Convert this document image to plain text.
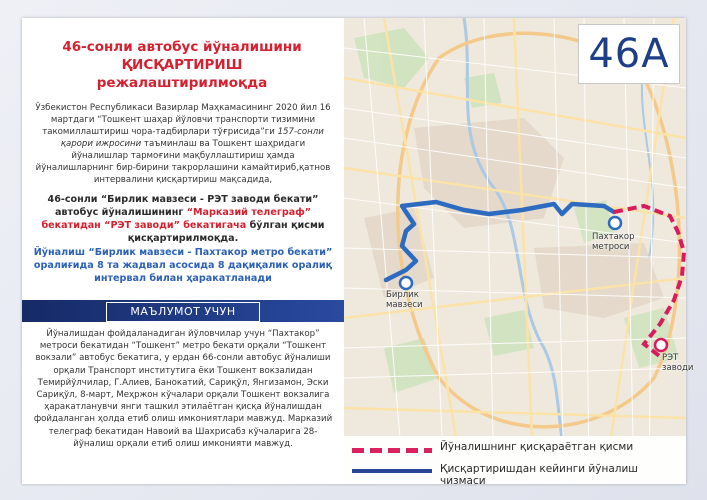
46-сонли автобус йўналишини
ҚИСҚАРТИРИШ
режалаштирилмоқда
Ўзбекистон Республикаси Вазирлар Маҳкамасининг 2020 йил 16 мартдаги “Тошкент шаҳар йўловчи транспорти тизимини такомиллаштириш чора-тадбирлари тўғрисида”ги 157-сонли қарори ижросини таъминлаш ва Тошкент шаҳридаги йўналишлар тармоғини мақбуллаштириш ҳамда йўналишларнинг бир-бирини такрорлашини камайтириб,қатнов интервалини қисқартириш мақсадида,
46-сонли “Бирлик мавзеси - РЭТ заводи бекати” автобус йўналишининг “Марказий телеграф” бекатидан “РЭТ заводи” бекатигача бўлган қисми қисқартирилмоқда.
Йўналиш “Бирлик мавзеси - Пахтакор метро бекати” оралиғида 8 та жадвал асосида 8 дақиқалик оралиқ интервал билан ҳаракатланади
МАЪЛУМОТ УЧУН
Йўналишдан фойдаланадиган йўловчилар учун “Пахтакор” метроси бекатидан “Тошкент” метро бекати орқали “Тошкент вокзали” автобус бекатига, у ердан 66-сонли автобус йўналиши орқали Транспорт институтига ёки Тошкент вокзалидан Темирйўлчилар, Г.Алиев, Банокатий, Сариқўл, Янгизамон, Эски Сариқўл, 8-март, Меҳржон кўчалари орқали Тошкент вокзалига ҳаракатланувчи янги ташкил этилаётган қисқа йўналишдан фойдаланган ҳолда етиб олиш имкониятлари мавжуд. Марказий телеграф бекатидан Навоий ва Шахрисабз кўчаларига 28- йўналиш орқали етиб олиш имконияти мавжуд.
Бирлик
мавзеси
Пахтакор
метроси
РЭТ
заводи
46А
Йўналишнинг қисқараётган қисми
Қисқартиришдан кейинги йўналиш чизмаси
